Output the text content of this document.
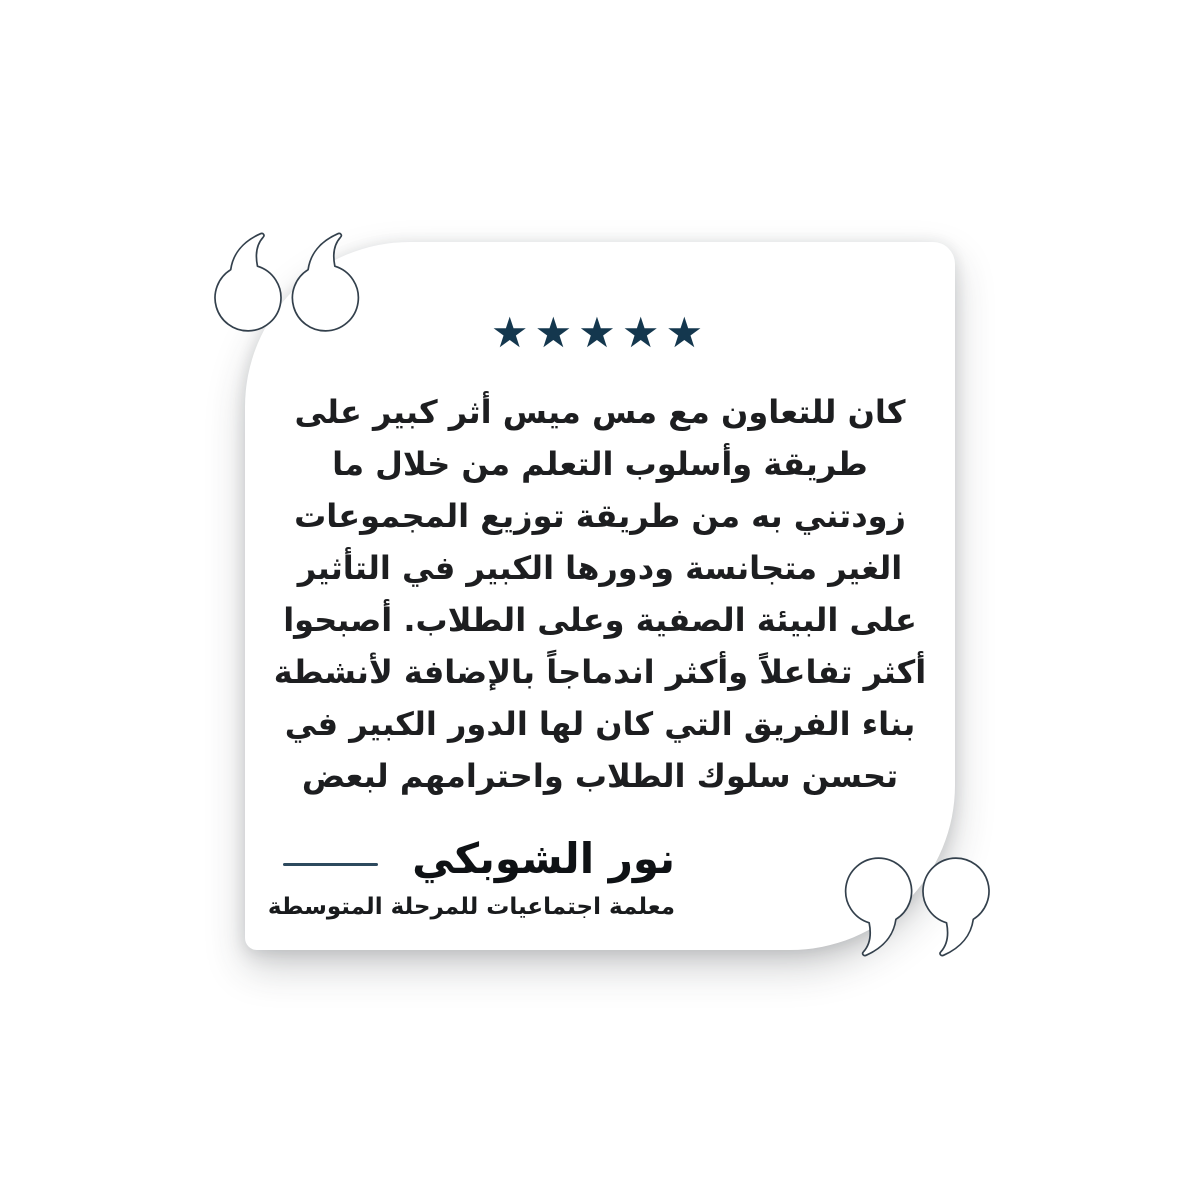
★★★★★
كان للتعاون مع مس ميس أثر كبير على
طريقة وأسلوب التعلم من خلال ما
زودتني به من طريقة توزيع المجموعات
الغير متجانسة ودورها الكبير في التأثير
على البيئة الصفية وعلى الطلاب. أصبحوا
أكثر تفاعلاً وأكثر اندماجاً بالإضافة لأنشطة
بناء الفريق التي كان لها الدور الكبير في
تحسن سلوك الطلاب واحترامهم لبعض
نور الشوبكي
معلمة اجتماعيات للمرحلة المتوسطة
